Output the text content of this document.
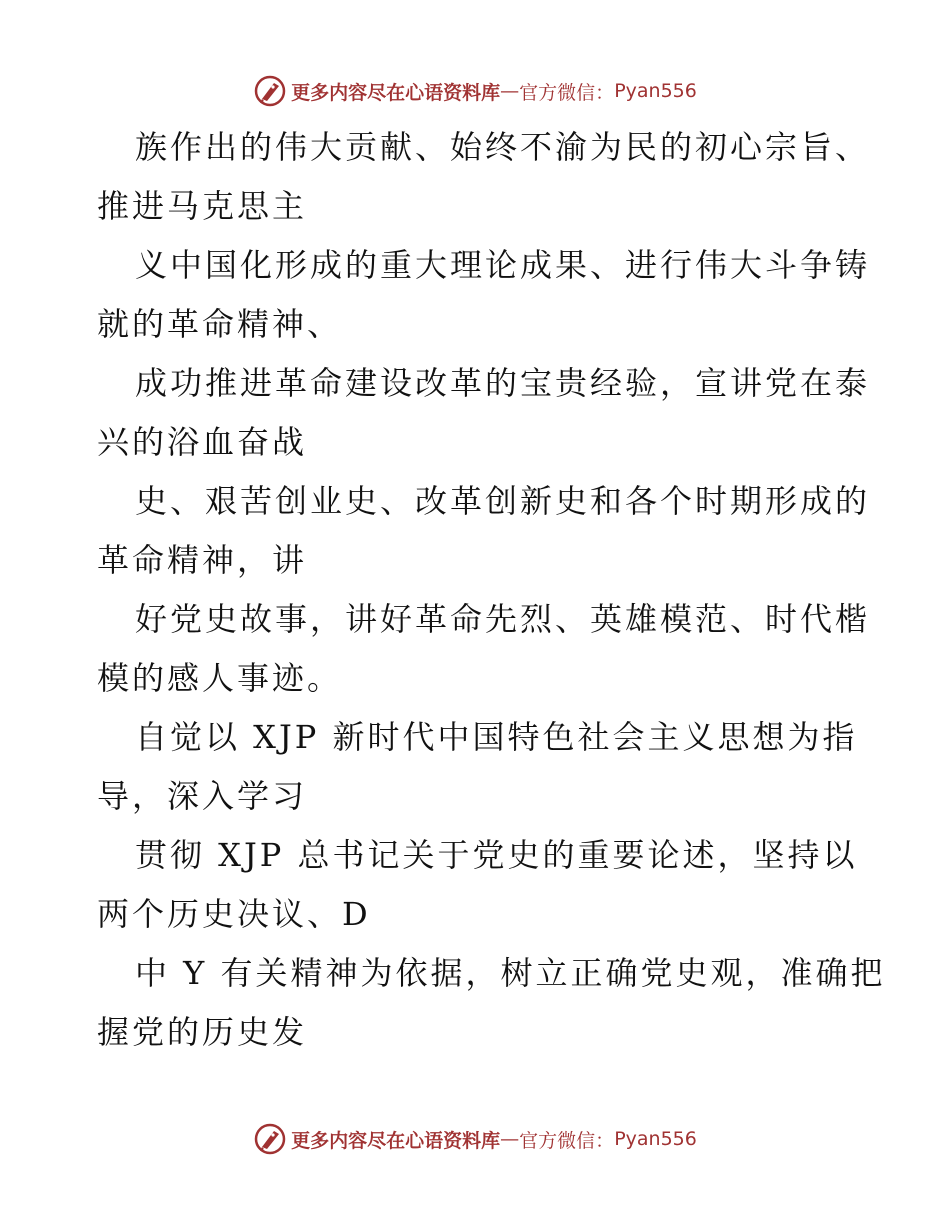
更多内容尽在心语资料库 — 官方微信： Pyan556

族作出的伟大贡献、始终不渝为民的初心宗旨、
推进马克思主

义中国化形成的重大理论成果、进行伟大斗争铸
就的革命精神、

成功推进革命建设改革的宝贵经验，宣讲党在泰
兴的浴血奋战

史、艰苦创业史、改革创新史和各个时期形成的
革命精神，讲

好党史故事，讲好革命先烈、英雄模范、时代楷
模的感人事迹。

自觉以 XJP 新时代中国特色社会主义思想为指
导，深入学习

贯彻 XJP 总书记关于党史的重要论述，坚持以
两个历史决议、D

中 Y 有关精神为依据，树立正确党史观，准确把
握党的历史发

更多内容尽在心语资料库 — 官方微信： Pyan556
